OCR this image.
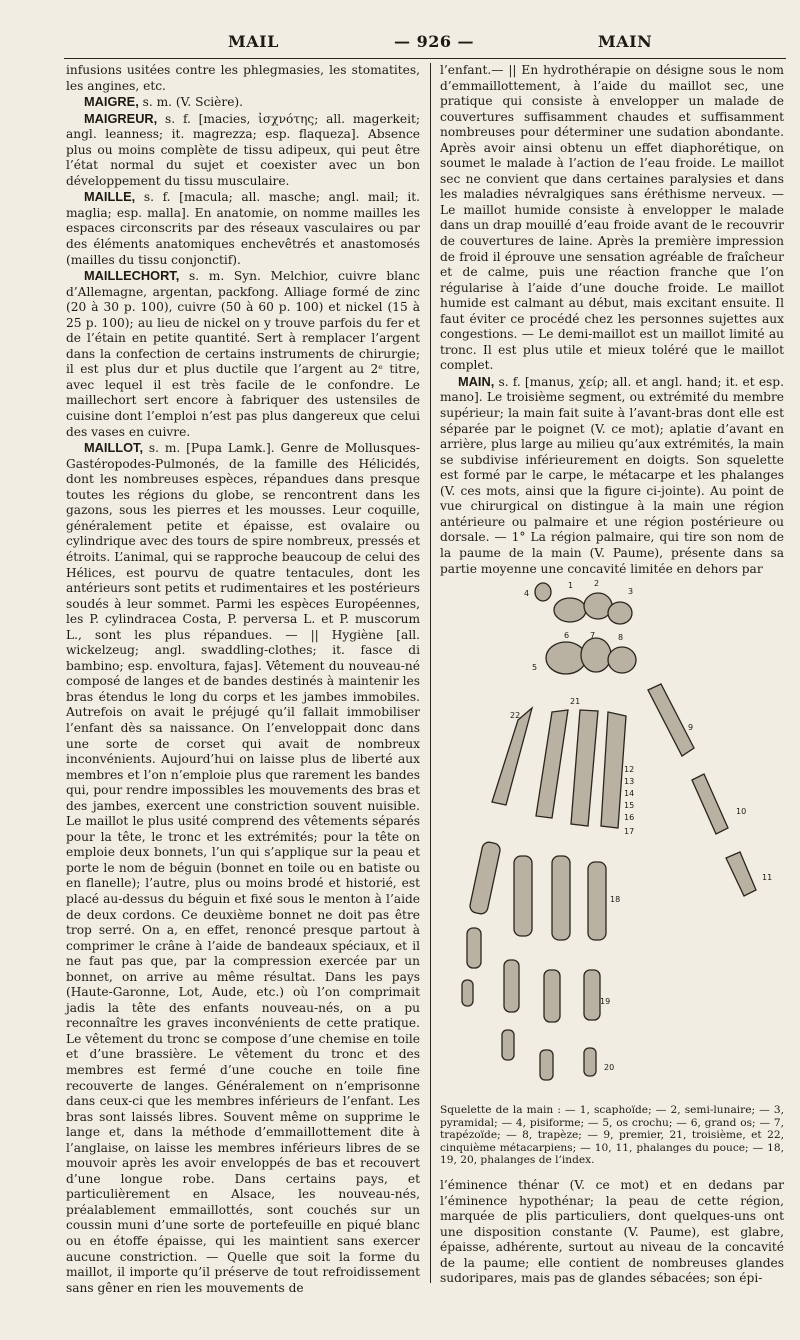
MAIL	— 926 —	MAIN

infusions usitées contre les phlegmasies, les stomatites, les angines, etc.

MAIGRE, s. m. (V. Scière).

MAIGREUR, s. f. [macies, ἰσχνότης; all. magerkeit; angl. leanness; it. magrezza; esp. flaqueza]. Absence plus ou moins complète de tissu adipeux, qui peut être l’état normal du sujet et coexister avec un bon développement du tissu musculaire.

MAILLE, s. f. [macula; all. masche; angl. mail; it. maglia; esp. malla]. En anatomie, on nomme mailles les espaces circonscrits par des réseaux vasculaires ou par des éléments anatomiques enchevêtrés et anastomosés (mailles du tissu conjonctif).

MAILLECHORT, s. m. Syn. Melchior, cuivre blanc d’Allemagne, argentan, packfong. Alliage formé de zinc (20 à 30 p. 100), cuivre (50 à 60 p. 100) et nickel (15 à 25 p. 100); au lieu de nickel on y trouve parfois du fer et de l’étain en petite quantité. Sert à remplacer l’argent dans la confection de certains instruments de chirurgie; il est plus dur et plus ductile que l’argent au 2ᵉ titre, avec lequel il est très facile de le confondre. Le maillechort sert encore à fabriquer des ustensiles de cuisine dont l’emploi n’est pas plus dangereux que celui des vases en cuivre.

MAILLOT, s. m. [Pupa Lamk.]. Genre de Mollusques-Gastéropodes-Pulmonés, de la famille des Hélicidés, dont les nombreuses espèces, répandues dans presque toutes les régions du globe, se rencontrent dans les gazons, sous les pierres et les mousses. Leur coquille, généralement petite et épaisse, est ovalaire ou cylindrique avec des tours de spire nombreux, pressés et étroits. L’animal, qui se rapproche beaucoup de celui des Hélices, est pourvu de quatre tentacules, dont les antérieurs sont petits et rudimentaires et les postérieurs soudés à leur sommet. Parmi les espèces Européennes, les P. cylindracea Costa, P. perversa L. et P. muscorum L., sont les plus répandues. — || Hygiène [all. wickelzeug; angl. swaddling-clothes; it. fasce di bambino; esp. envoltura, fajas]. Vêtement du nouveau-né composé de langes et de bandes destinés à maintenir les bras étendus le long du corps et les jambes immobiles. Autrefois on avait le préjugé qu’il fallait immobiliser l’enfant dès sa naissance. On l’enveloppait donc dans une sorte de corset qui avait de nombreux inconvénients. Aujourd’hui on laisse plus de liberté aux membres et l’on n’emploie plus que rarement les bandes qui, pour rendre impossibles les mouvements des bras et des jambes, exercent une constriction souvent nuisible. Le maillot le plus usité comprend des vêtements séparés pour la tête, le tronc et les extrémités; pour la tête on emploie deux bonnets, l’un qui s’applique sur la peau et porte le nom de béguin (bonnet en toile ou en batiste ou en flanelle); l’autre, plus ou moins brodé et historié, est placé au-dessus du béguin et fixé sous le menton à l’aide de deux cordons. Ce deuxième bonnet ne doit pas être trop serré. On a, en effet, renoncé presque partout à comprimer le crâne à l’aide de bandeaux spéciaux, et il ne faut pas que, par la compression exercée par un bonnet, on arrive au même résultat. Dans les pays (Haute-Garonne, Lot, Aude, etc.) où l’on comprimait jadis la tête des enfants nouveau-nés, on a pu reconnaître les graves inconvénients de cette pratique. Le vêtement du tronc se compose d’une chemise en toile et d’une brassière. Le vêtement du tronc et des membres est fermé d’une couche en toile fine recouverte de langes. Généralement on n’emprisonne dans ceux-ci que les membres inférieurs de l’enfant. Les bras sont laissés libres. Souvent même on supprime le lange et, dans la méthode d’emmaillottement dite à l’anglaise, on laisse les membres inférieurs libres de se mouvoir après les avoir enveloppés de bas et recouvert d’une longue robe. Dans certains pays, et particulièrement en Alsace, les nouveau-nés, préalablement emmaillottés, sont couchés sur un coussin muni d’une sorte de portefeuille en piqué blanc ou en étoffe épaisse, qui les maintient sans exercer aucune constriction. — Quelle que soit la forme du maillot, il importe qu’il préserve de tout refroidissement sans gêner en rien les mouvements de

l’enfant.— || En hydrothérapie on désigne sous le nom d’emmaillottement, à l’aide du maillot sec, une pratique qui consiste à envelopper un malade de couvertures suffisamment chaudes et suffisamment nombreuses pour déterminer une sudation abondante. Après avoir ainsi obtenu un effet diaphorétique, on soumet le malade à l’action de l’eau froide. Le maillot sec ne convient que dans certaines paralysies et dans les maladies névralgiques sans éréthisme nerveux. — Le maillot humide consiste à envelopper le malade dans un drap mouillé d’eau froide avant de le recouvrir de couvertures de laine. Après la première impression de froid il éprouve une sensation agréable de fraîcheur et de calme, puis une réaction franche que l’on régularise à l’aide d’une douche froide. Le maillot humide est calmant au début, mais excitant ensuite. Il faut éviter ce procédé chez les personnes sujettes aux congestions. — Le demi-maillot est un maillot limité au tronc. Il est plus utile et mieux toléré que le maillot complet.

MAIN, s. f. [manus, χείρ; all. et angl. hand; it. et esp. mano]. Le troisième segment, ou extrémité du membre supérieur; la main fait suite à l’avant-bras dont elle est séparée par le poignet (V. ce mot); aplatie d’avant en arrière, plus large au milieu qu’aux extrémités, la main se subdivise inférieurement en doigts. Son squelette est formé par le carpe, le métacarpe et les phalanges (V. ces mots, ainsi que la figure ci-jointe). Au point de vue chirurgical on distingue à la main une région antérieure ou palmaire et une région postérieure ou dorsale. — 1° La région palmaire, qui tire son nom de la paume de la main (V. Paume), présente dans sa partie moyenne une concavité limitée en dehors par

1	2
3
4
5
6	7	8
9
10
11
12
13
14
15
16
17
18
19
20
21
22
Squelette de la main : — 1, scaphoïde; — 2, semi-lunaire; — 3, pyramidal; — 4, pisiforme; — 5, os crochu; — 6, grand os; — 7, trapézoïde; — 8, trapèze; — 9, premier, 21, troisième, et 22, cinquième métacarpiens; — 10, 11, phalanges du pouce; — 18, 19, 20, phalanges de l’index.

l’éminence thénar (V. ce mot) et en dedans par l’éminence hypothénar; la peau de cette région, marquée de plis particuliers, dont quelques-uns ont une disposition constante (V. Paume), est glabre, épaisse, adhérente, surtout au niveau de la concavité de la paume; elle contient de nombreuses glandes sudoripares, mais pas de glandes sébacées; son épi-
